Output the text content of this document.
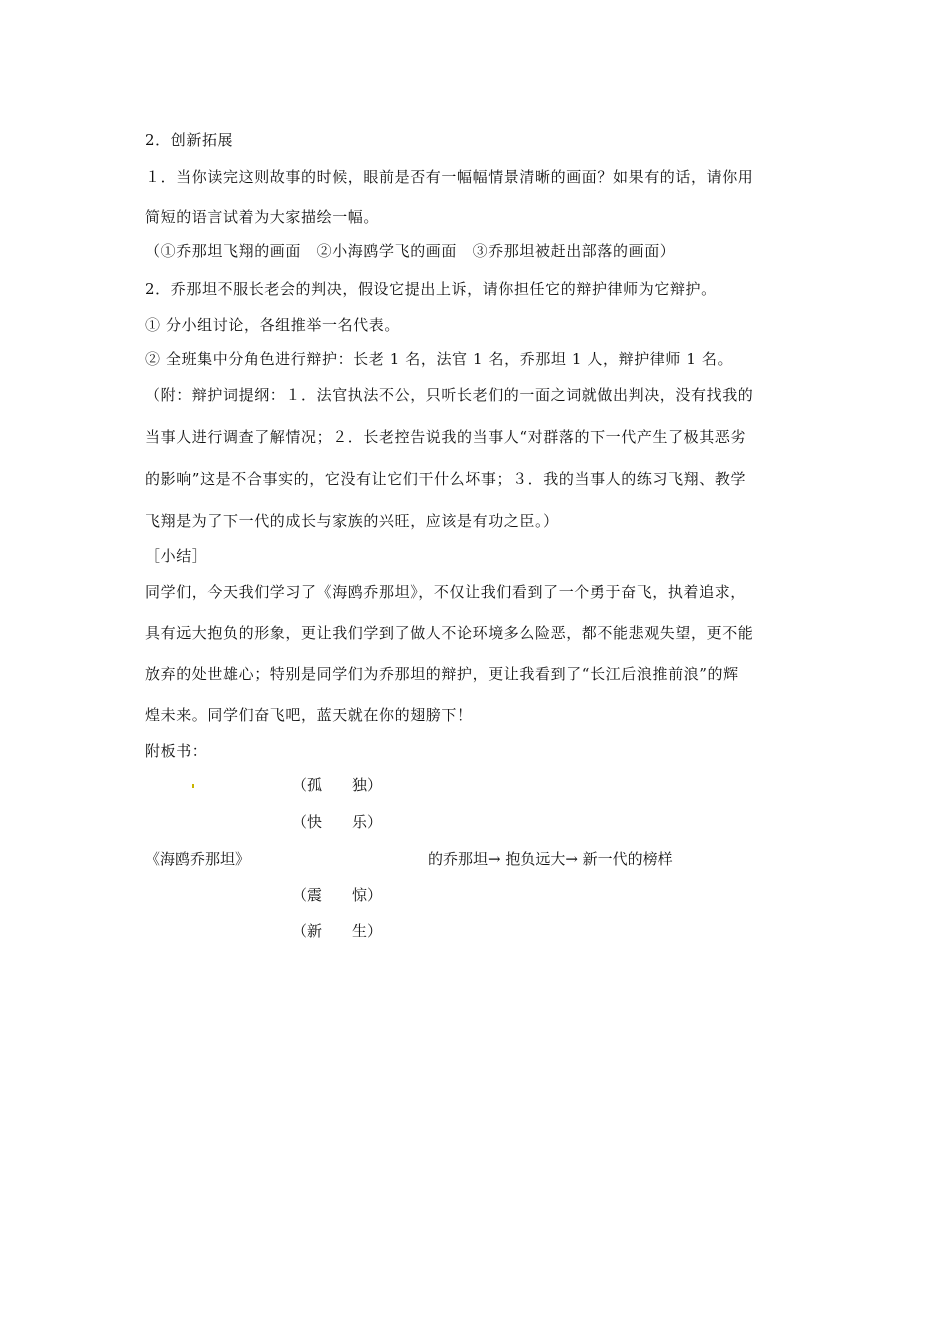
2．创新拓展
１．当你读完这则故事的时候，眼前是否有一幅幅情景清晰的画面？如果有的话，请你用
简短的语言试着为大家描绘一幅。
（①乔那坦飞翔的画面　②小海鸥学飞的画面　③乔那坦被赶出部落的画面）
2．乔那坦不服长老会的判决，假设它提出上诉，请你担任它的辩护律师为它辩护。
① 分小组讨论，各组推举一名代表。
② 全班集中分角色进行辩护：长老 1 名，法官 1 名，乔那坦 1 人，辩护律师 1 名。
（附：辩护词提纲：１．法官执法不公，只听长老们的一面之词就做出判决，没有找我的
当事人进行调查了解情况；２．长老控告说我的当事人“对群落的下一代产生了极其恶劣
的影响”这是不合事实的，它没有让它们干什么坏事；３．我的当事人的练习飞翔、教学
飞翔是为了下一代的成长与家族的兴旺，应该是有功之臣。）
［小结］
同学们，今天我们学习了《海鸥乔那坦》，不仅让我们看到了一个勇于奋飞，执着追求，
具有远大抱负的形象，更让我们学到了做人不论环境多么险恶，都不能悲观失望，更不能
放弃的处世雄心；特别是同学们为乔那坦的辩护，更让我看到了“长江后浪推前浪”的辉
煌未来。同学们奋飞吧，蓝天就在你的翅膀下！
附板书：
（孤　　独）
（快　　乐）
《海鸥乔那坦》	的乔那坦→ 抱负远大→ 新一代的榜样
（震　　惊）
（新　　生）
